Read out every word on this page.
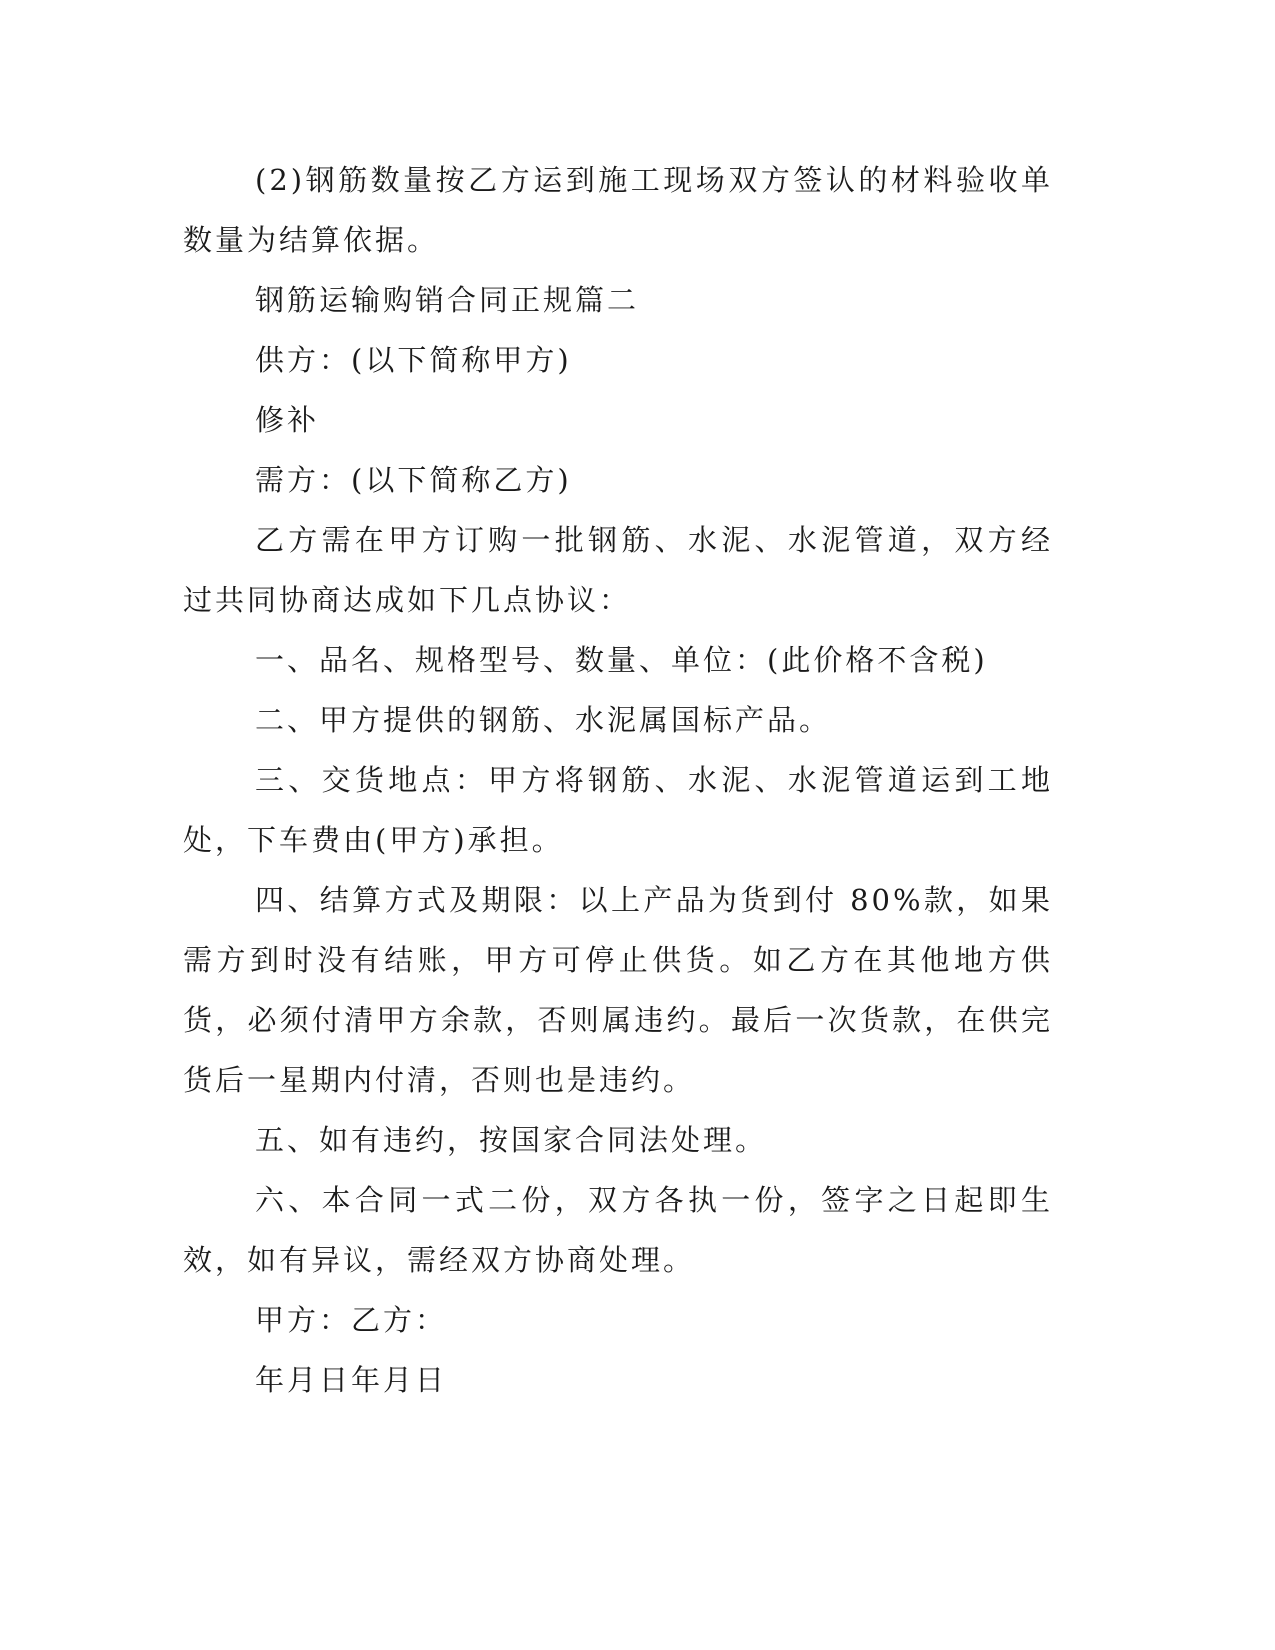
(2)钢筋数量按乙方运到施工现场双方签认的材料验收单数量为结算依据。

钢筋运输购销合同正规篇二

供方：(以下简称甲方)

修补

需方：(以下简称乙方)

乙方需在甲方订购一批钢筋、水泥、水泥管道，双方经过共同协商达成如下几点协议：

一、品名、规格型号、数量、单位：(此价格不含税)

二、甲方提供的钢筋、水泥属国标产品。

三、交货地点：甲方将钢筋、水泥、水泥管道运到工地处，下车费由(甲方)承担。

四、结算方式及期限：以上产品为货到付 80%款，如果需方到时没有结账，甲方可停止供货。如乙方在其他地方供货，必须付清甲方余款，否则属违约。最后一次货款，在供完货后一星期内付清，否则也是违约。

五、如有违约，按国家合同法处理。

六、本合同一式二份，双方各执一份，签字之日起即生效，如有异议，需经双方协商处理。

甲方：乙方：

年月日年月日
